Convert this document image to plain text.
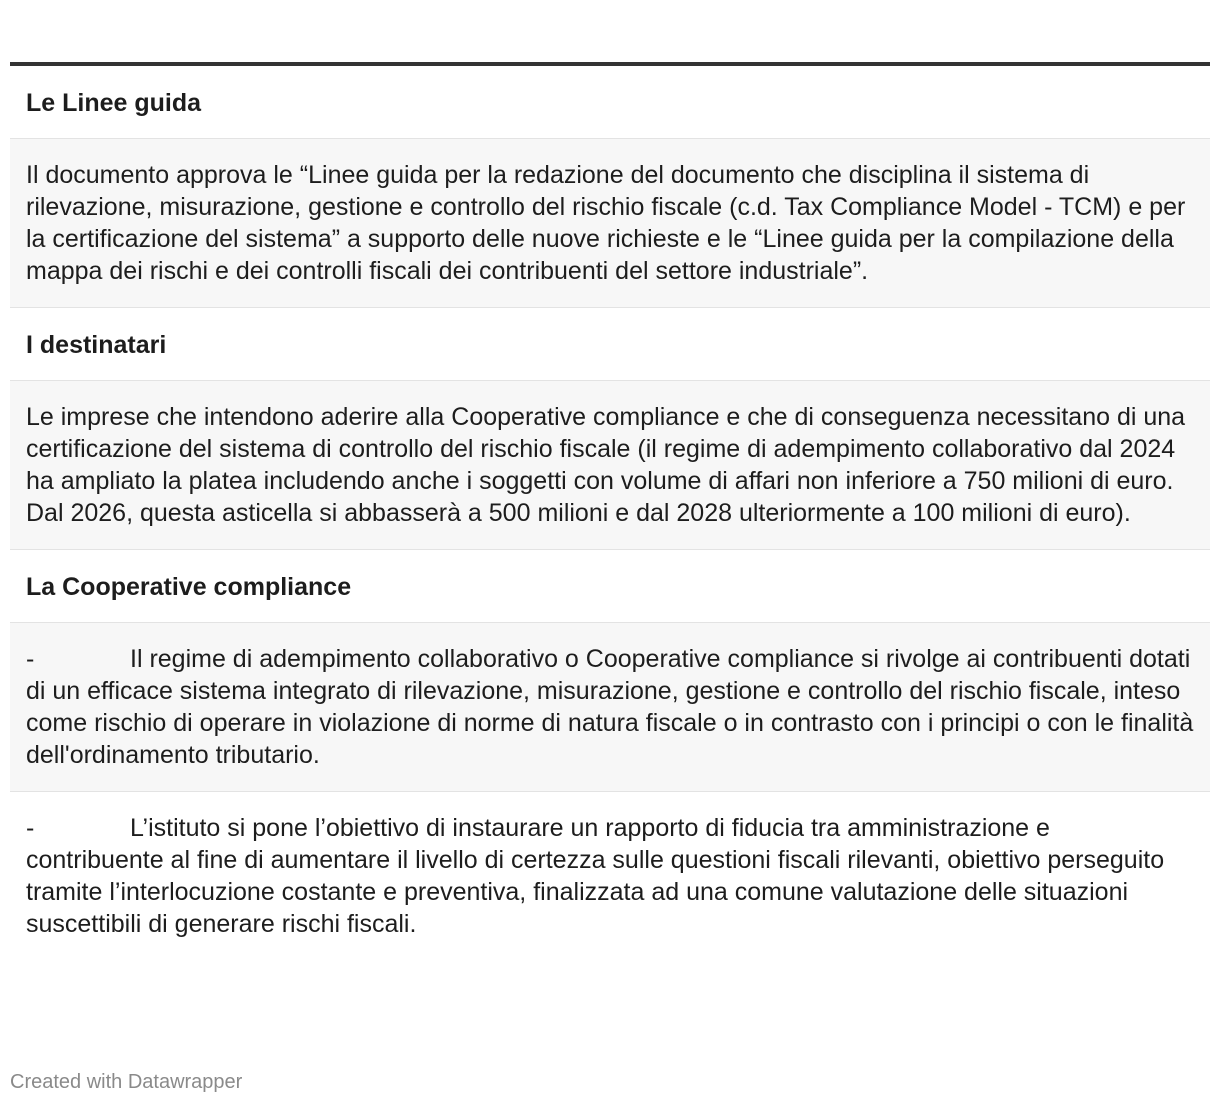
Le Linee guida
Il documento approva le “Linee guida per la redazione del documento che disciplina il sistema di rilevazione, misurazione, gestione e controllo del rischio fiscale (c.d. Tax Compliance Model - TCM) e per la certificazione del sistema” a supporto delle nuove richieste e le “Linee guida per la compilazione della mappa dei rischi e dei controlli fiscali dei contribuenti del settore industriale”.
I destinatari
Le imprese che intendono aderire alla Cooperative compliance e che di conseguenza necessitano di una certificazione del sistema di controllo del rischio fiscale (il regime di adempimento collaborativo dal 2024 ha ampliato la platea includendo anche i soggetti con volume di affari non inferiore a 750 milioni di euro. Dal 2026, questa asticella si abbasserà a 500 milioni e dal 2028 ulteriormente a 100 milioni di euro).
La Cooperative compliance
-	Il regime di adempimento collaborativo o Cooperative compliance si rivolge ai contribuenti dotati di un efficace sistema integrato di rilevazione, misurazione, gestione e controllo del rischio fiscale, inteso come rischio di operare in violazione di norme di natura fiscale o in contrasto con i principi o con le finalità dell'ordinamento tributario.
-	L’istituto si pone l’obiettivo di instaurare un rapporto di fiducia tra amministrazione e contribuente al fine di aumentare il livello di certezza sulle questioni fiscali rilevanti, obiettivo perseguito tramite l’interlocuzione costante e preventiva, finalizzata ad una comune valutazione delle situazioni suscettibili di generare rischi fiscali.
Created with Datawrapper
